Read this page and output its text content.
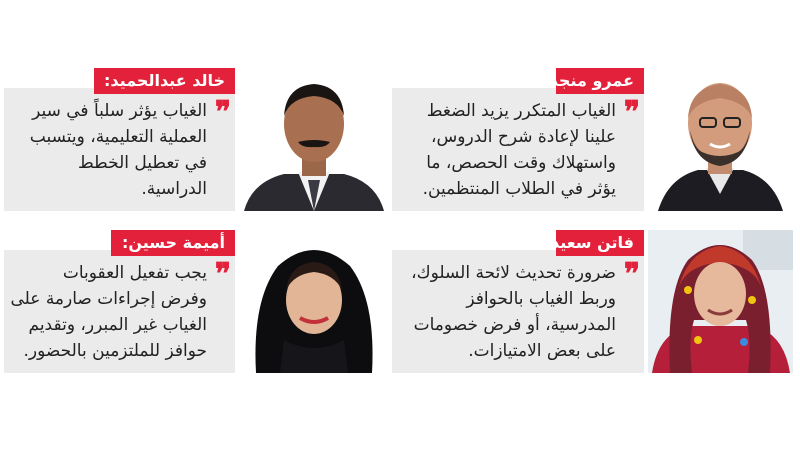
❞
الغياب المتكرر يزيد الضغط
علينا لإعادة شرح الدروس،
واستهلاك وقت الحصص، ما
يؤثر في الطلاب المنتظمين.
عمرو منجد:
❞
الغياب يؤثر سلباً في سير
العملية التعليمية، ويتسبب
في تعطيل الخطط
الدراسية.
خالد عبدالحميد:
❞
ضرورة تحديث لائحة السلوك،
وربط الغياب بالحوافز
المدرسية، أو فرض خصومات
على بعض الامتيازات.
فاتن سعيد:
❞
يجب تفعيل العقوبات
وفرض إجراءات صارمة على
الغياب غير المبرر، وتقديم
حوافز للملتزمين بالحضور.
أميمة حسين:
